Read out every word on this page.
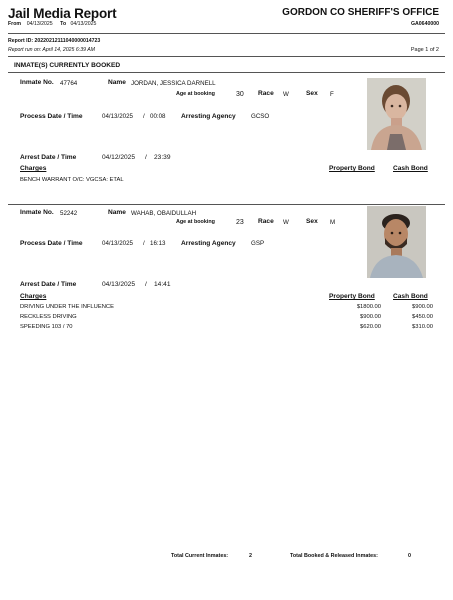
Jail Media Report	GORDON CO SHERIFF'S OFFICE
From 04/13/2025 To 04/13/2025	GA0640000
Report ID: 20220212111040000014723
Report run on: April 14, 2025 6:39 AM	Page 1 of 2
INMATE(S) CURRENTLY BOOKED
Inmate No. 47764	Name JORDAN, JESSICA DARNELL
Age at booking	30 Race W	Sex F
Process Date / Time	04/13/2025 / 00:08 Arresting Agency GCSO
Arrest Date / Time	04/12/2025 / 23:39
Charges	Property Bond	Cash Bond
BENCH WARRANT O/C: VGCSA: ETAL
Inmate No. 52242	Name WAHAB, OBAIDULLAH
Age at booking	23 Race W	Sex M
Process Date / Time	04/13/2025 / 16:13 Arresting Agency GSP
Arrest Date / Time	04/13/2025 / 14:41
Charges	Property Bond	Cash Bond
DRIVING UNDER THE INFLUENCE	$1800.00	$900.00
RECKLESS DRIVING	$900.00	$450.00
SPEEDING 103 / 70	$620.00	$310.00
Total Current Inmates:	2	Total Booked & Released Inmates:	0
